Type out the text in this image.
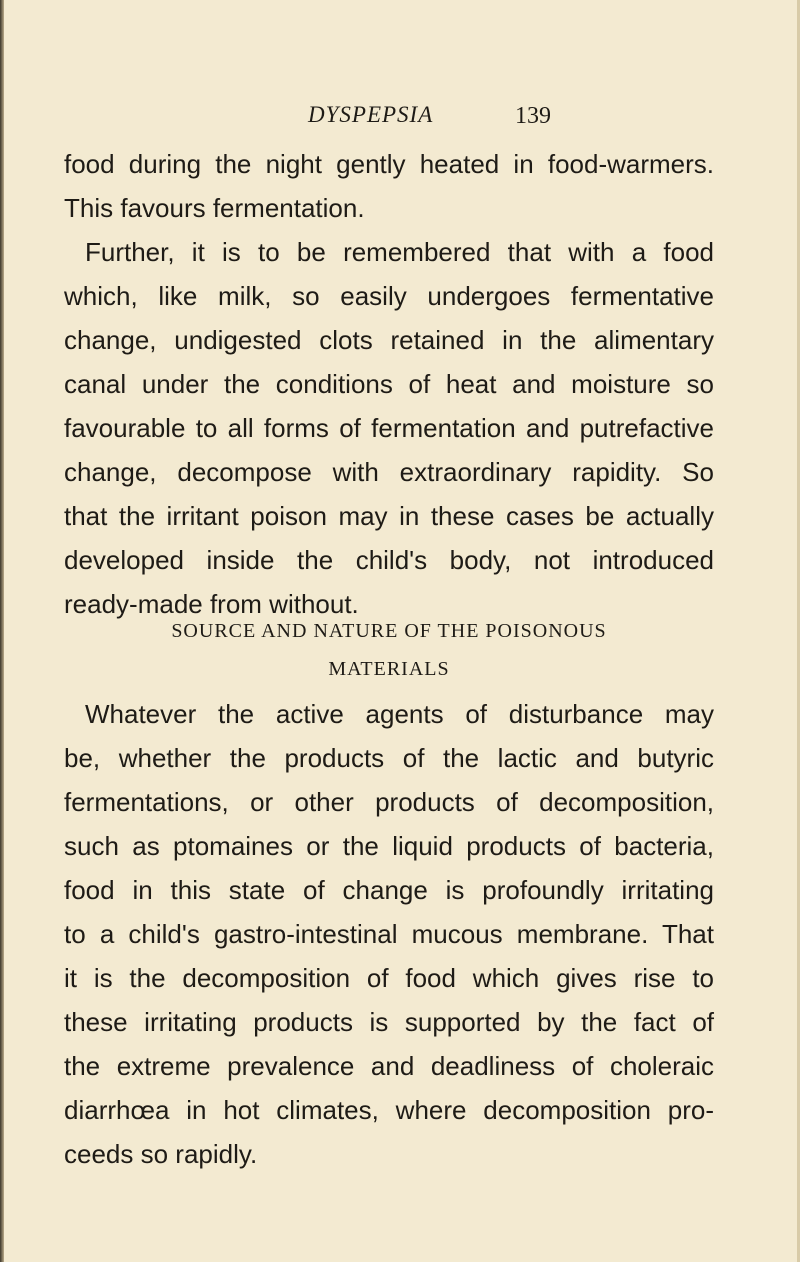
DYSPEPSIA	139
food during the night gently heated in food-warmers.
This favours fermentation.
Further, it is to be remembered that with a food
which, like milk, so easily undergoes fermentative
change, undigested clots retained in the alimentary
canal under the conditions of heat and moisture so
favourable to all forms of fermentation and putrefactive
change, decompose with extraordinary rapidity. So
that the irritant poison may in these cases be actually
developed inside the child's body, not introduced
ready-made from without.
SOURCE AND NATURE OF THE POISONOUS
MATERIALS
Whatever the active agents of disturbance may
be, whether the products of the lactic and butyric
fermentations, or other products of decomposition,
such as ptomaines or the liquid products of bacteria,
food in this state of change is profoundly irritating
to a child's gastro-intestinal mucous membrane. That
it is the decomposition of food which gives rise to
these irritating products is supported by the fact of
the extreme prevalence and deadliness of choleraic
diarrhœa in hot climates, where decomposition pro-
ceeds so rapidly.
